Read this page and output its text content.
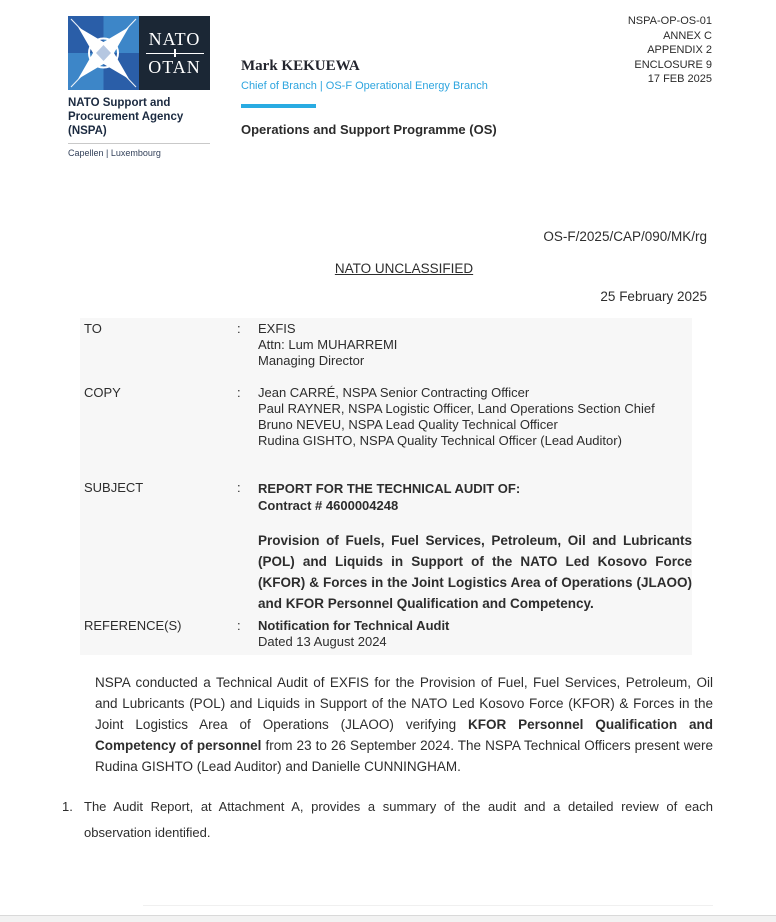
NATO
OTAN
NATO Support and Procurement Agency (NSPA)
Capellen | Luxembourg
Mark KEKUEWA
Chief of Branch | OS-F Operational Energy Branch
Operations and Support Programme (OS)
NSPA-OP-OS-01
ANNEX C
APPENDIX 2
ENCLOSURE 9
17 FEB 2025
OS-F/2025/CAP/090/MK/rg
NATO UNCLASSIFIED
25 February 2025
TO	:	EXFIS
Attn: Lum MUHARREMI
Managing Director
COPY	:	Jean CARRÉ, NSPA Senior Contracting Officer
Paul RAYNER, NSPA Logistic Officer, Land Operations Section Chief
Bruno NEVEU, NSPA Lead Quality Technical Officer
Rudina GISHTO, NSPA Quality Technical Officer (Lead Auditor)
SUBJECT	:	REPORT FOR THE TECHNICAL AUDIT OF:
Contract # 4600004248
Provision of Fuels, Fuel Services, Petroleum, Oil and Lubricants (POL) and Liquids in Support of the NATO Led Kosovo Force (KFOR) & Forces in the Joint Logistics Area of Operations (JLAOO) and KFOR Personnel Qualification and Competency.
REFERENCE(S)	:	Notification for Technical Audit
Dated 13 August 2024
NSPA conducted a Technical Audit of EXFIS for the Provision of Fuel, Fuel Services, Petroleum, Oil and Lubricants (POL) and Liquids in Support of the NATO Led Kosovo Force (KFOR) & Forces in the Joint Logistics Area of Operations (JLAOO) verifying KFOR Personnel Qualification and Competency of personnel from 23 to 26 September 2024. The NSPA Technical Officers present were Rudina GISHTO (Lead Auditor) and Danielle CUNNINGHAM.
1. The Audit Report, at Attachment A, provides a summary of the audit and a detailed review of each observation identified.
